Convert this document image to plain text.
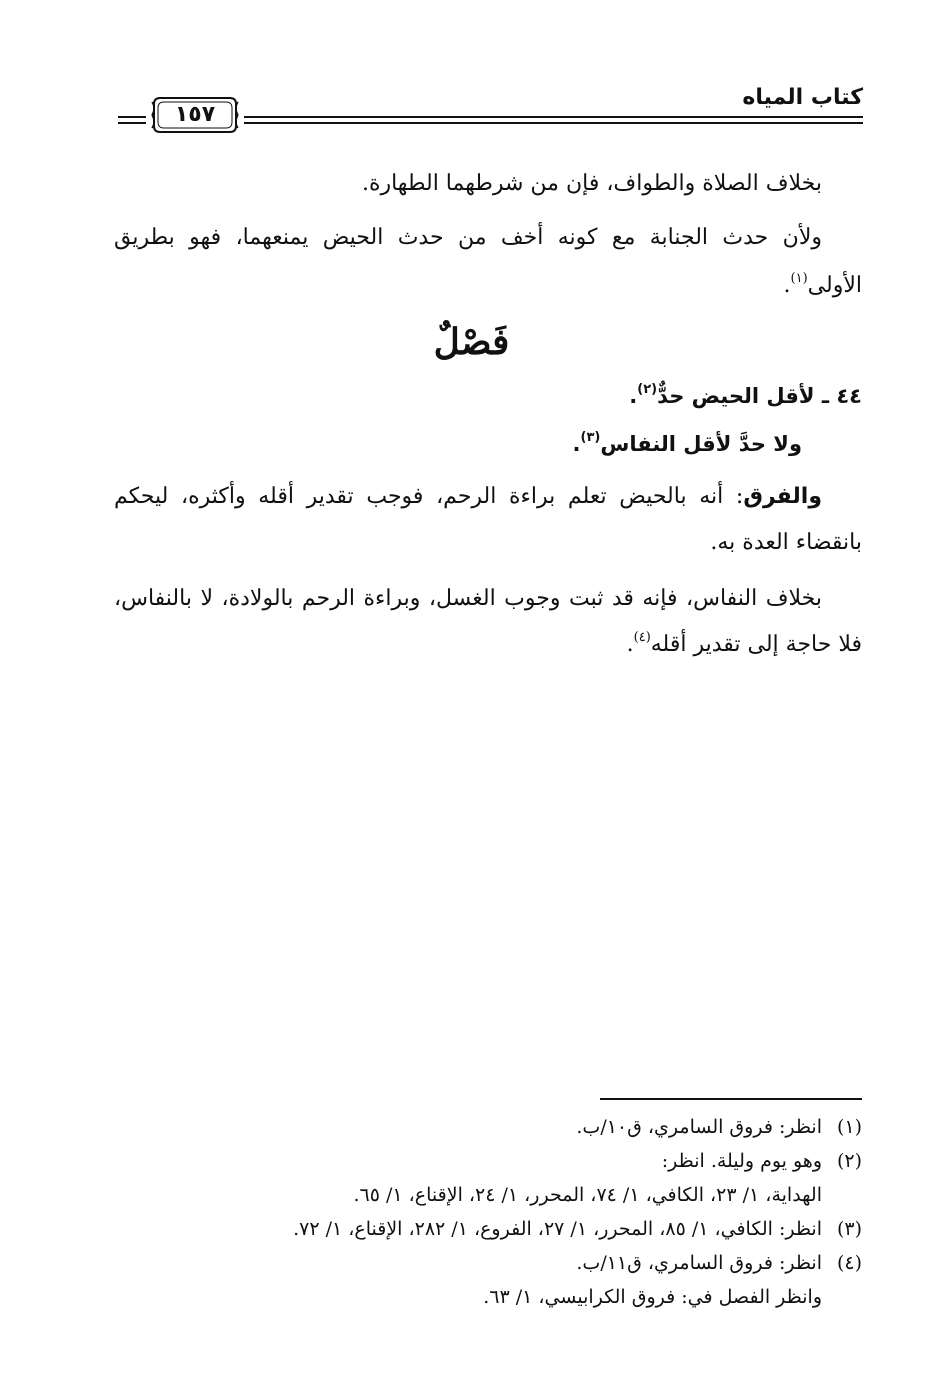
كتاب المياه
١٥٧

بخلاف الصلاة والطواف، فإن من شرطهما الطهارة.

ولأن حدث الجنابة مع كونه أخف من حدث الحيض يمنعهما، فهو بطريق الأولى$^{(١)}$.

فَصْلٌ

٤٤ ـ لأقل الحيض حدٌّ$^{(٢)}$.

ولا حدَّ لأقل النفاس$^{(٣)}$.

والفرق: أنه بالحيض تعلم براءة الرحم، فوجب تقدير أقله وأكثره، ليحكم بانقضاء العدة به.

بخلاف النفاس، فإنه قد ثبت وجوب الغسل، وبراءة الرحم بالولادة، لا بالنفاس، فلا حاجة إلى تقدير أقله$^{(٤)}$.

(١)
انظر: فروق السامري، ق١٠/ب.
(٢)
وهو يوم وليلة. انظر:
الهداية، ١/ ٢٣، الكافي، ١/ ٧٤، المحرر، ١/ ٢٤، الإقناع، ١/ ٦٥.
(٣)
انظر: الكافي، ١/ ٨٥، المحرر، ١/ ٢٧، الفروع، ١/ ٢٨٢، الإقناع، ١/ ٧٢.
(٤)
انظر: فروق السامري، ق١١/ب.
وانظر الفصل في: فروق الكرابيسي، ١/ ٦٣.
